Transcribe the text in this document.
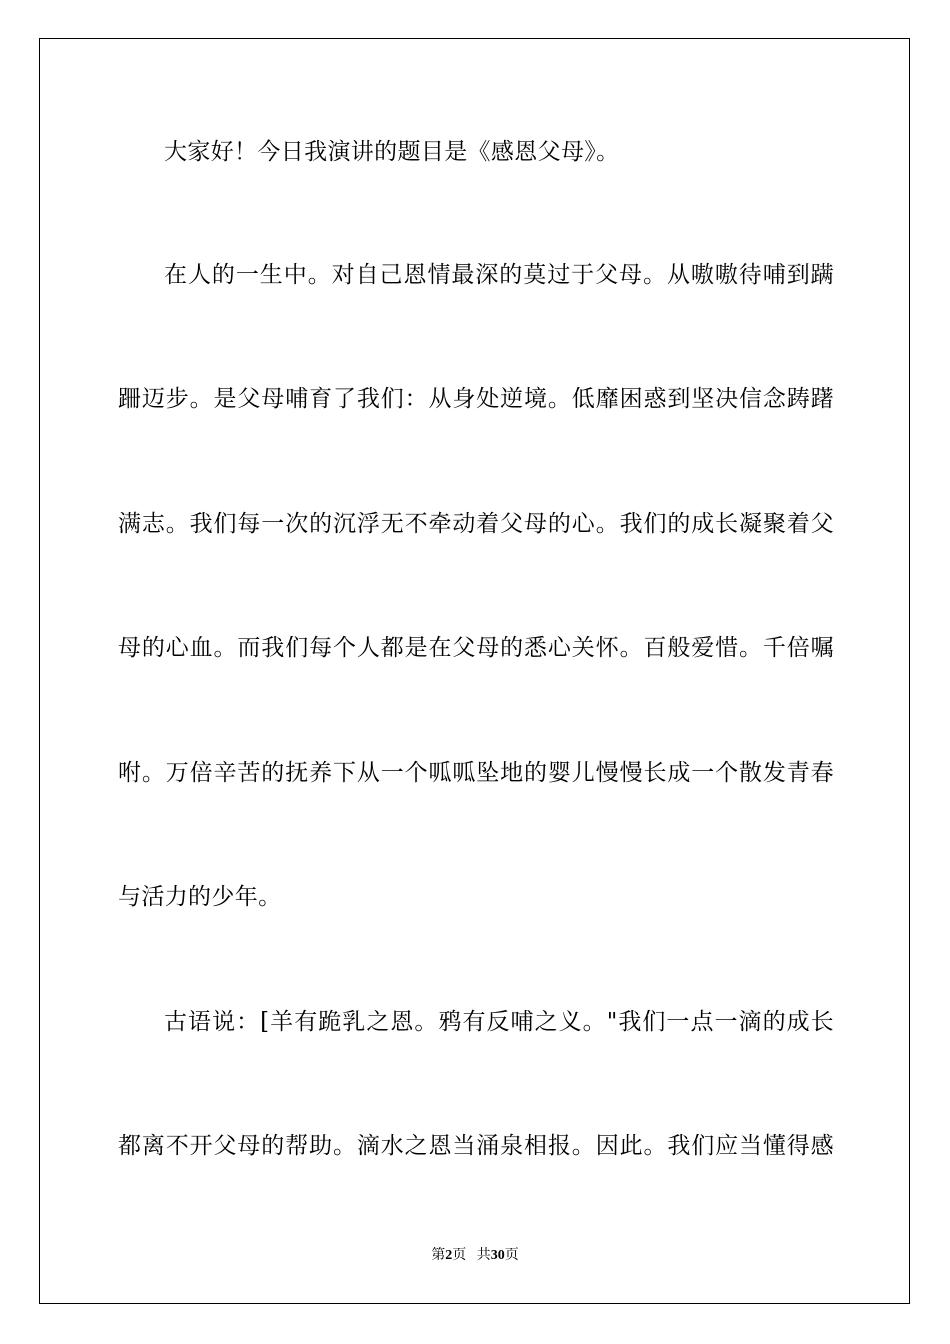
大家好！今日我演讲的题目是《感恩父母》。
在人的一生中。对自己恩情最深的莫过于父母。从嗷嗷待哺到蹒
跚迈步。是父母哺育了我们：从身处逆境。低靡困惑到坚决信念踌躇
满志。我们每一次的沉浮无不牵动着父母的心。我们的成长凝聚着父
母的心血。而我们每个人都是在父母的悉心关怀。百般爱惜。千倍嘱
咐。万倍辛苦的抚养下从一个呱呱坠地的婴儿慢慢长成一个散发青春
与活力的少年。
古语说：[羊有跪乳之恩。鸦有反哺之义。"我们一点一滴的成长
都离不开父母的帮助。滴水之恩当涌泉相报。因此。我们应当懂得感
第2页 共30页
